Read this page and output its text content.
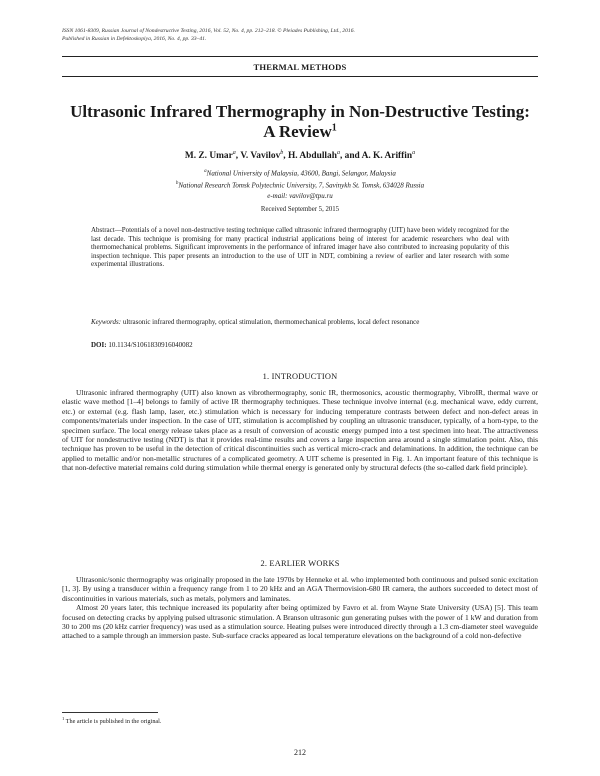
ISSN 1061-8309, Russian Journal of Nondestructive Testing, 2016, Vol. 52, No. 4, pp. 212–218. © Pleiades Publishing, Ltd., 2016.
Published in Russian in Defektoskopiya, 2016, No. 4, pp. 33–41.
THERMAL METHODS
Ultrasonic Infrared Thermography in Non-Destructive Testing:
A Review$^1$
M. Z. Umar$^a$, V. Vavilov$^b$, H. Abdullah$^a$, and A. K. Ariffin$^a$
$^a$National University of Malaysia, 43600, Bangi, Selangor, Malaysia
$^b$National Research Tomsk Polytechnic University, 7, Savinykh St. Tomsk, 634028 Russia
e-mail: vavilov@tpu.ru
Received September 5, 2015
Abstract—Potentials of a novel non-destructive testing technique called ultrasonic infrared thermography (UIT) have been widely recognized for the last decade. This technique is promising for many practical industrial applications being of interest for academic researchers who deal with thermomechanical problems. Significant improvements in the performance of infrared imager have also contributed to increasing popularity of this inspection technique. This paper presents an introduction to the use of UIT in NDT, combining a review of earlier and later research with some experimental illustrations.
Keywords: ultrasonic infrared thermography, optical stimulation, thermomechanical problems, local defect resonance
DOI: 10.1134/S1061830916040082
1. INTRODUCTION

Ultrasonic infrared thermography (UIT) also known as vibrothermography, sonic IR, thermosonics, acoustic thermography, VibroIR, thermal wave or elastic wave method [1–4] belongs to family of active IR thermography techniques. These technique involve internal (e.g. mechanical wave, eddy current, etc.) or external (e.g. flash lamp, laser, etc.) stimulation which is necessary for inducing temperature contrasts between defect and non-defect areas in components/materials under inspection. In the case of UIT, stimulation is accomplished by coupling an ultrasonic transducer, typically, of a horn-type, to the specimen surface. The local energy release takes place as a result of conversion of acoustic energy pumped into a test specimen into heat. The attractiveness of UIT for nondestructive testing (NDT) is that it provides real-time results and covers a large inspection area around a single stimulation point. Also, this technique has proven to be useful in the detection of critical discontinuities such as vertical micro-crack and delaminations. In addition, the technique can be applied to metallic and/or non-metallic structures of a complicated geometry. A UIT scheme is presented in Fig. 1. An important feature of this technique is that non-defective material remains cold during stimulation while thermal energy is generated only by structural defects (the so-called dark field principle).

2. EARLIER WORKS

Ultrasonic/sonic thermography was originally proposed in the late 1970s by Henneke et al. who implemented both continuous and pulsed sonic excitation [1, 3]. By using a transducer within a frequency range from 1 to 20 kHz and an AGA Thermovision-680 IR camera, the authors succeeded to detect most of discontinuities in various materials, such as metals, polymers and laminates.

Almost 20 years later, this technique increased its popularity after being optimized by Favro et al. from Wayne State University (USA) [5]. This team focused on detecting cracks by applying pulsed ultrasonic stimulation. A Branson ultrasonic gun generating pulses with the power of 1 kW and duration from 30 to 200 ms (20 kHz carrier frequency) was used as a stimulation source. Heating pulses were introduced directly through a 1.3 cm-diameter steel waveguide attached to a sample through an immersion paste. Sub-surface cracks appeared as local temperature elevations on the background of a cold non-defective

$^1$ The article is published in the original.
212
